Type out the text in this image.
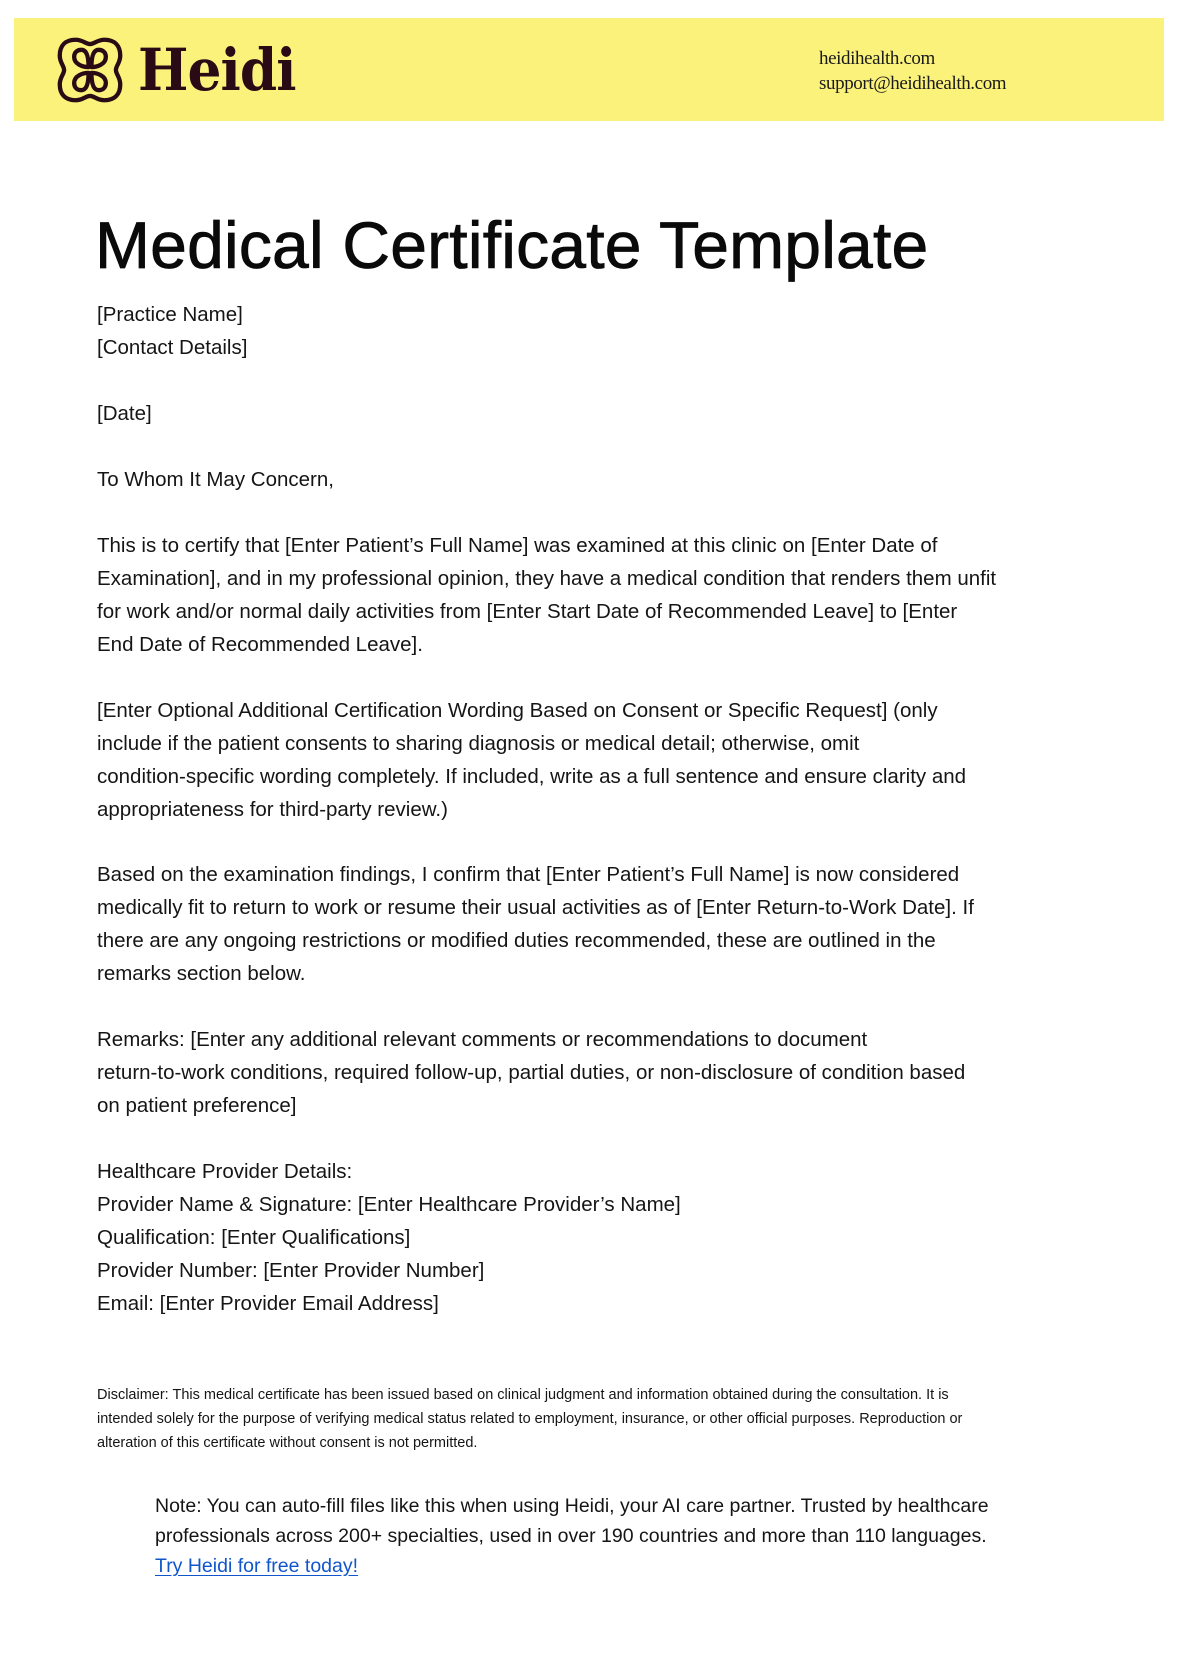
Heidi	heidihealth.com
support@heidihealth.com
Medical Certificate Template
[Practice Name]
[Contact Details]
[Date]
To Whom It May Concern,
This is to certify that [Enter Patient’s Full Name] was examined at this clinic on [Enter Date of
Examination], and in my professional opinion, they have a medical condition that renders them unfit
for work and/or normal daily activities from [Enter Start Date of Recommended Leave] to [Enter
End Date of Recommended Leave].
[Enter Optional Additional Certification Wording Based on Consent or Specific Request] (only
include if the patient consents to sharing diagnosis or medical detail; otherwise, omit
condition-specific wording completely. If included, write as a full sentence and ensure clarity and
appropriateness for third-party review.)
Based on the examination findings, I confirm that [Enter Patient’s Full Name] is now considered
medically fit to return to work or resume their usual activities as of [Enter Return-to-Work Date]. If
there are any ongoing restrictions or modified duties recommended, these are outlined in the
remarks section below.
Remarks: [Enter any additional relevant comments or recommendations to document
return-to-work conditions, required follow-up, partial duties, or non-disclosure of condition based
on patient preference]
Healthcare Provider Details:
Provider Name & Signature: [Enter Healthcare Provider’s Name]
Qualification: [Enter Qualifications]
Provider Number: [Enter Provider Number]
Email: [Enter Provider Email Address]
Disclaimer: This medical certificate has been issued based on clinical judgment and information obtained during the consultation. It is
intended solely for the purpose of verifying medical status related to employment, insurance, or other official purposes. Reproduction or
alteration of this certificate without consent is not permitted.
Note: You can auto-fill files like this when using Heidi, your AI care partner. Trusted by healthcare
professionals across 200+ specialties, used in over 190 countries and more than 110 languages.
Try Heidi for free today!
